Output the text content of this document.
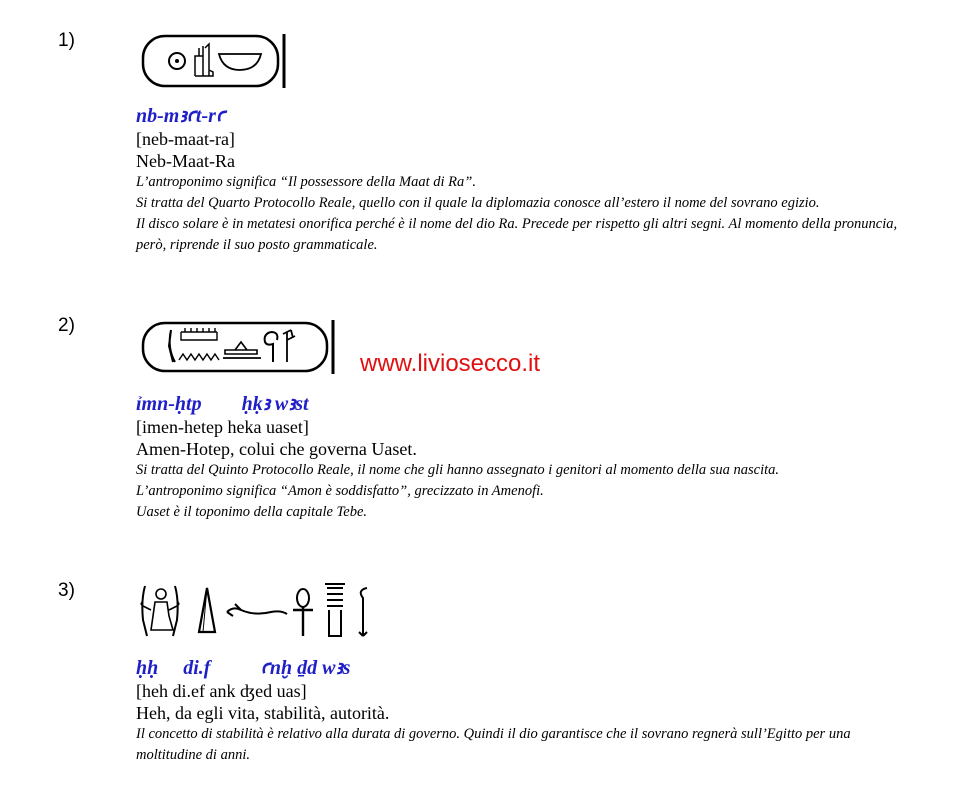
1)
nb-mꜣꜥt-rꜥ
[neb-maat-ra]
Neb-Maat-Ra

L’antroponimo significa “Il possessore della Maat di Ra”.

Si tratta del Quarto Protocollo Reale, quello con il quale la diplomazia conosce all’estero il nome del sovrano egizio.

Il disco solare è in metatesi onorifica perché è il nome del dio Ra. Precede per rispetto gli altri segni. Al momento della pronuncia, però, riprende il suo posto grammaticale.

2)
www.liviosecco.it
ỉmn-ḥtp        ḥḳꜣ wꜣst
[imen-hetep heka uaset]
Amen-Hotep, colui che governa Uaset.

Si tratta del Quinto Protocollo Reale, il nome che gli hanno assegnato i genitori al momento della sua nascita.

L’antroponimo significa “Amon è soddisfatto”, grecizzato in Amenofi.

Uaset è il toponimo della capitale Tebe.

3)
ḥḥ     di.f          ꜥnḫ ḏd wꜣs
[heh di.ef ank ʤed uas]
Heh, da egli vita, stabilità, autorità.

Il concetto di stabilità è relativo alla durata di governo. Quindi il dio garantisce che il sovrano regnerà sull’Egitto per una moltitudine di anni.
